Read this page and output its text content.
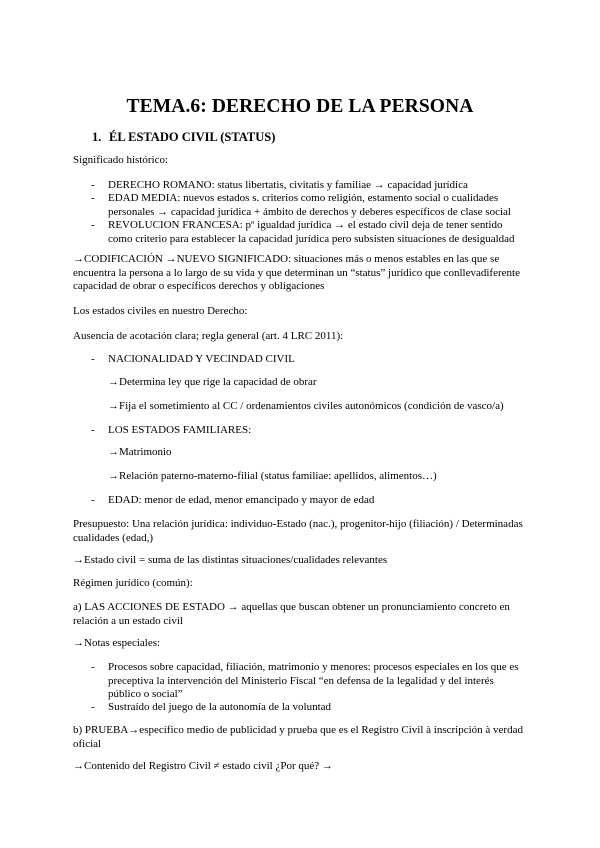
TEMA.6: DERECHO DE LA PERSONA
1. ÉL ESTADO CIVIL (STATUS)
Significado histórico:
- DERECHO ROMANO: status libertatis, civitatis y familiae → capacidad jurídica
- EDAD MEDIA: nuevos estados s. criterios como religión, estamento social o cualidades personales → capacidad jurídica + ámbito de derechos y deberes específicos de clase social
- REVOLUCION FRANCESA: pº igualdad jurídica → el estado civil deja de tener sentido como criterio para establecer la capacidad jurídica pero subsisten situaciones de desigualdad
→CODIFICACIÓN →NUEVO SIGNIFICADO: situaciones más o menos estables en las que se encuentra la persona a lo largo de su vida y que determinan un “status” jurídico que conllevadiferente capacidad de obrar o específicos derechos y obligaciones
Los estados civiles en nuestro Derecho:
Ausencia de acotación clara; regla general (art. 4 LRC 2011):
- NACIONALIDAD Y VECINDAD CIVIL
→Determina ley que rige la capacidad de obrar
→Fija el sometimiento al CC / ordenamientos civiles autonómicos (condición de vasco/a)
- LOS ESTADOS FAMILIARES:
→Matrimonio
→Relación paterno-materno-filial (status familiae: apellidos, alimentos…)
- EDAD: menor de edad, menor emancipado y mayor de edad
Presupuesto: Una relación jurídica: individuo-Estado (nac.), progenitor-hijo (filiación) / Determinadas cualidades (edad,)
→Estado civil = suma de las distintas situaciones/cualidades relevantes
Régimen jurídico (común):
a) LAS ACCIONES DE ESTADO → aquellas que buscan obtener un pronunciamiento concreto en relación a un estado civil
→Notas especiales:
- Procesos sobre capacidad, filiación, matrimonio y menores: procesos especiales en los que es preceptiva la intervención del Ministerio Fiscal “en defensa de la legalidad y del interés público o social”
- Sustraído del juego de la autonomía de la voluntad
b) PRUEBA→específico medio de publicidad y prueba que es el Registro Civil à inscripción à verdad oficial
→Contenido del Registro Civil ≠ estado civil ¿Por qué? →
